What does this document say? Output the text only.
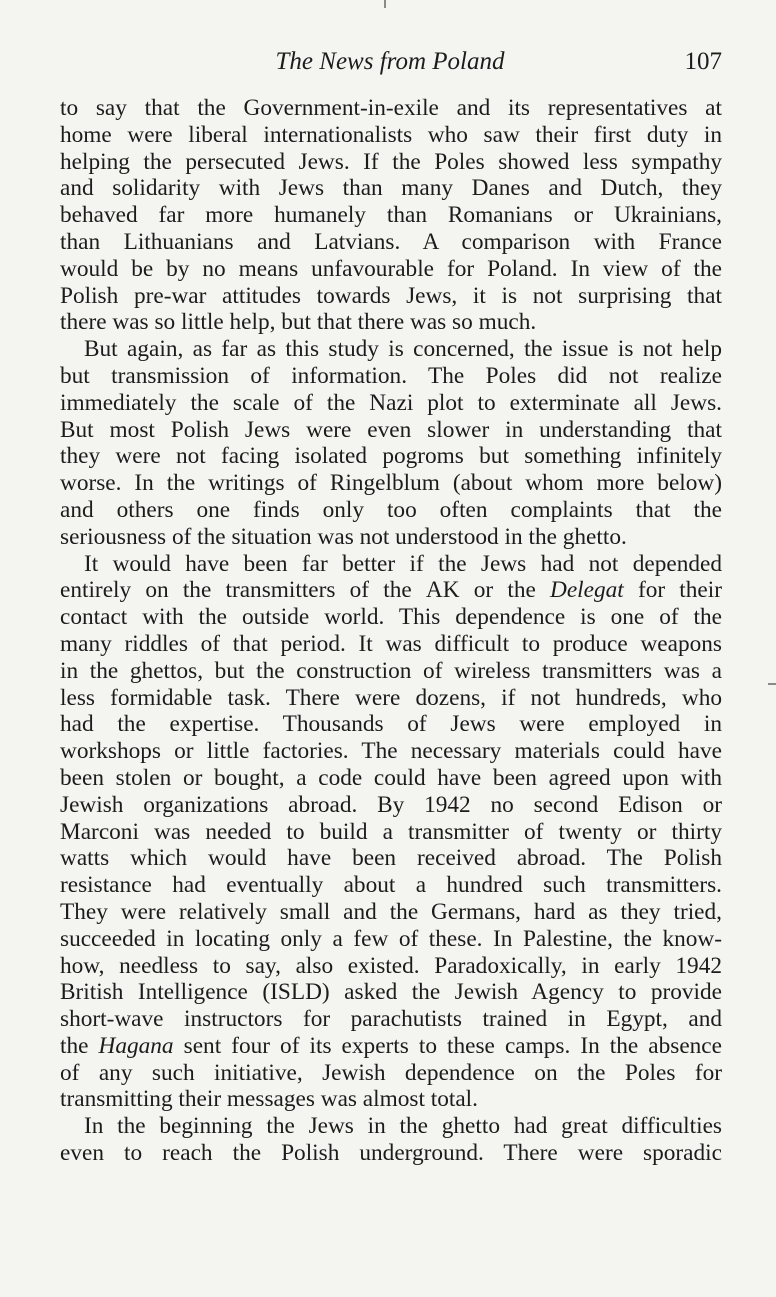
The News from Poland	107
to say that the Government-in-exile and its representatives at
home were liberal internationalists who saw their first duty in
helping the persecuted Jews. If the Poles showed less sympathy
and solidarity with Jews than many Danes and Dutch, they
behaved far more humanely than Romanians or Ukrainians,
than Lithuanians and Latvians. A comparison with France
would be by no means unfavourable for Poland. In view of the
Polish pre-war attitudes towards Jews, it is not surprising that
there was so little help, but that there was so much.
But again, as far as this study is concerned, the issue is not help
but transmission of information. The Poles did not realize
immediately the scale of the Nazi plot to exterminate all Jews.
But most Polish Jews were even slower in understanding that
they were not facing isolated pogroms but something infinitely
worse. In the writings of Ringelblum (about whom more below)
and others one finds only too often complaints that the
seriousness of the situation was not understood in the ghetto.
It would have been far better if the Jews had not depended
entirely on the transmitters of the AK or the Delegat for their
contact with the outside world. This dependence is one of the
many riddles of that period. It was difficult to produce weapons
in the ghettos, but the construction of wireless transmitters was a
less formidable task. There were dozens, if not hundreds, who
had the expertise. Thousands of Jews were employed in
workshops or little factories. The necessary materials could have
been stolen or bought, a code could have been agreed upon with
Jewish organizations abroad. By 1942 no second Edison or
Marconi was needed to build a transmitter of twenty or thirty
watts which would have been received abroad. The Polish
resistance had eventually about a hundred such transmitters.
They were relatively small and the Germans, hard as they tried,
succeeded in locating only a few of these. In Palestine, the know-
how, needless to say, also existed. Paradoxically, in early 1942
British Intelligence (ISLD) asked the Jewish Agency to provide
short-wave instructors for parachutists trained in Egypt, and
the Hagana sent four of its experts to these camps. In the absence
of any such initiative, Jewish dependence on the Poles for
transmitting their messages was almost total.
In the beginning the Jews in the ghetto had great difficulties
even to reach the Polish underground. There were sporadic
